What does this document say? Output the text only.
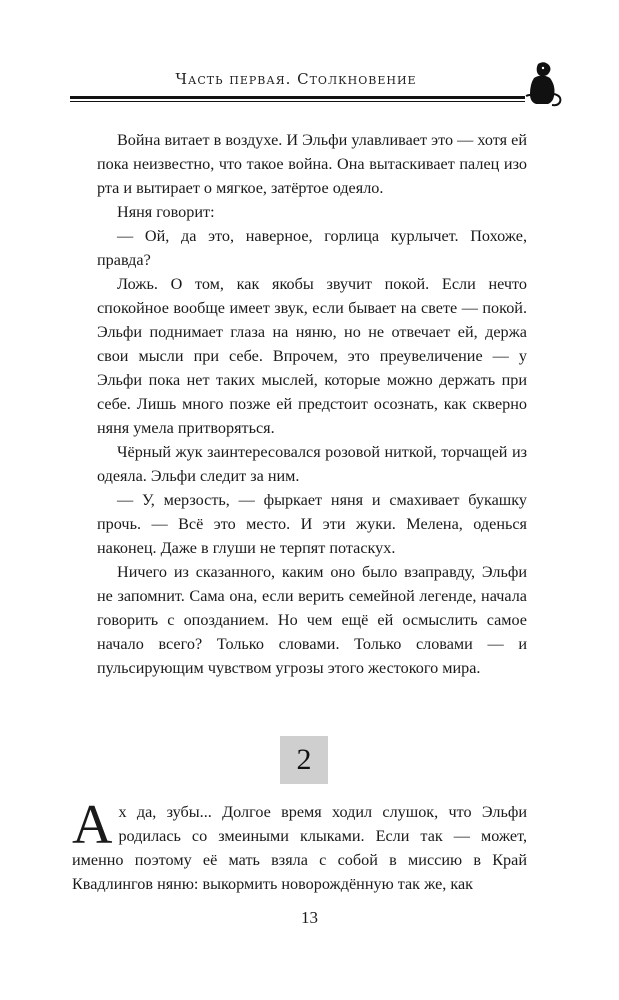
Часть первая. Столкновение

Война витает в воздухе. И Эльфи улавливает это — хотя ей пока неизвестно, что такое война. Она вытаскивает палец изо рта и вытирает о мягкое, затёртое одеяло.

Няня говорит:

— Ой, да это, наверное, горлица курлычет. Похоже, правда?

Ложь. О том, как якобы звучит покой. Если нечто спокойное вообще имеет звук, если бывает на свете — покой. Эльфи поднимает глаза на няню, но не отвечает ей, держа свои мысли при себе. Впрочем, это преувеличение — у Эльфи пока нет таких мыслей, которые можно держать при себе. Лишь много позже ей предстоит осознать, как скверно няня умела притворяться.

Чёрный жук заинтересовался розовой ниткой, торчащей из одеяла. Эльфи следит за ним.

— У, мерзость, — фыркает няня и смахивает букашку прочь. — Всё это место. И эти жуки. Мелена, оденься наконец. Даже в глуши не терпят потаскух.

Ничего из сказанного, каким оно было взаправду, Эльфи не запомнит. Сама она, если верить семейной легенде, начала говорить с опозданием. Но чем ещё ей осмыслить самое начало всего? Только словами. Только словами — и пульсирующим чувством угрозы этого жестокого мира.

2
А х да, зубы... Долгое время ходил слушок, что Эльфи родилась со змеиными клыками. Если так — может, именно поэтому её мать взяла с собой в миссию в Край Квадлингов няню: выкормить новорождённую так же, как

13
